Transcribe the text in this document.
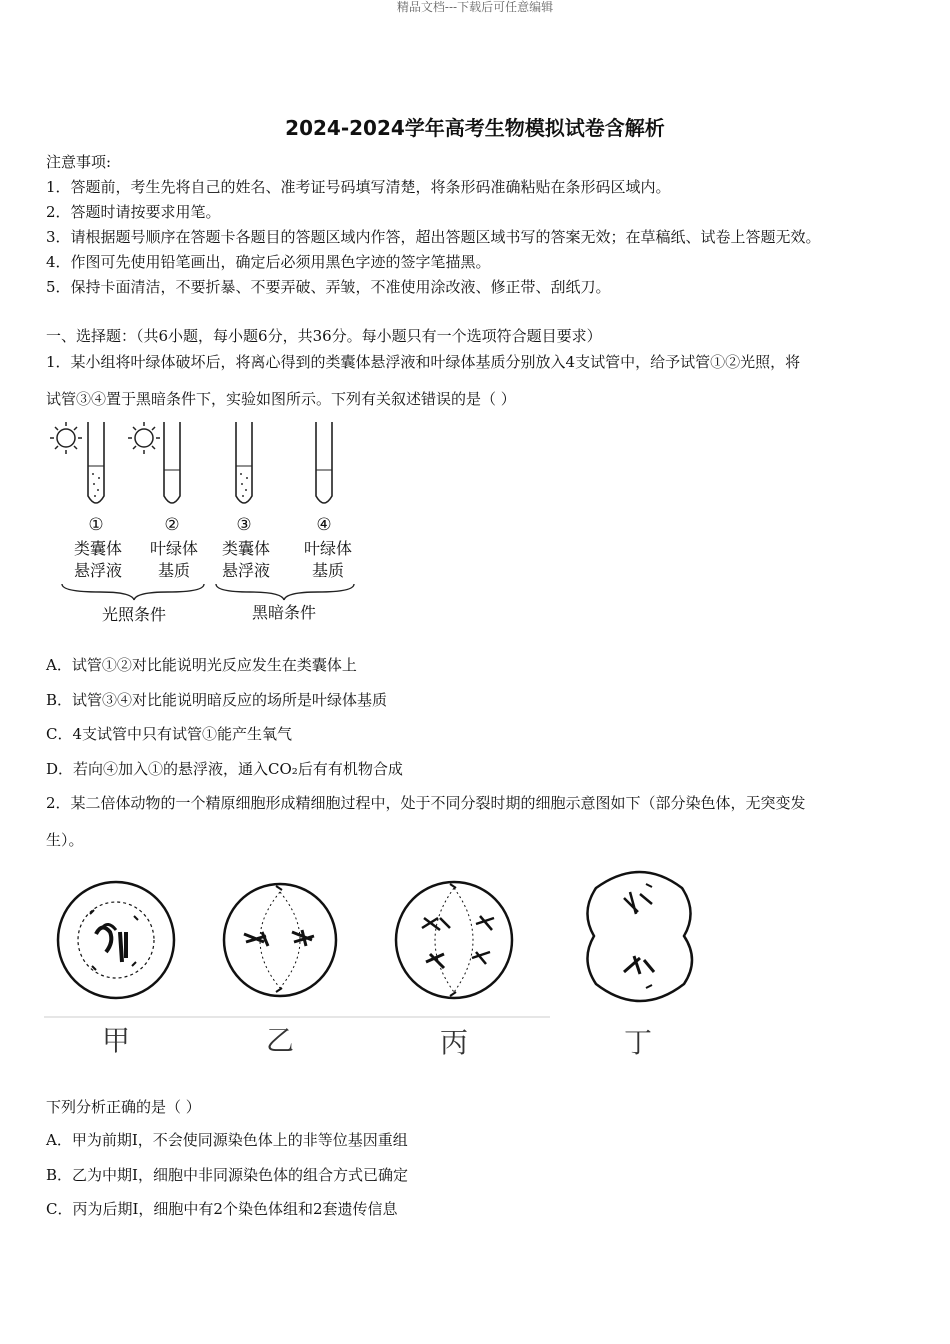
精品文档---下载后可任意编辑
2024-2024学年高考生物模拟试卷含解析
注意事项:
1．答题前，考生先将自己的姓名、准考证号码填写清楚，将条形码准确粘贴在条形码区域内。
2．答题时请按要求用笔。
3．请根据题号顺序在答题卡各题目的答题区域内作答，超出答题区域书写的答案无效；在草稿纸、试卷上答题无效。
4．作图可先使用铅笔画出，确定后必须用黑色字迹的签字笔描黑。
5．保持卡面清洁，不要折暴、不要弄破、弄皱，不准使用涂改液、修正带、刮纸刀。
一、选择题：（共6小题，每小题6分，共36分。每小题只有一个选项符合题目要求）
1．某小组将叶绿体破坏后，将离心得到的类囊体悬浮液和叶绿体基质分别放入4支试管中，给予试管①②光照，将
试管③④置于黑暗条件下，实验如图所示。下列有关叙述错误的是（ ）
①	②	③	④
类囊体
悬浮液
叶绿体
基质
类囊体
悬浮液
叶绿体
基质
光照条件	黑暗条件
A．试管①②对比能说明光反应发生在类囊体上
B．试管③④对比能说明暗反应的场所是叶绿体基质
C．4支试管中只有试管①能产生氧气
D．若向④加入①的悬浮液，通入CO₂后有有机物合成
2．某二倍体动物的一个精原细胞形成精细胞过程中，处于不同分裂时期的细胞示意图如下（部分染色体，无突变发
生）。
甲	乙	丙	丁
下列分析正确的是（ ）
A．甲为前期I，不会使同源染色体上的非等位基因重组
B．乙为中期I，细胞中非同源染色体的组合方式已确定
C．丙为后期I，细胞中有2个染色体组和2套遗传信息
